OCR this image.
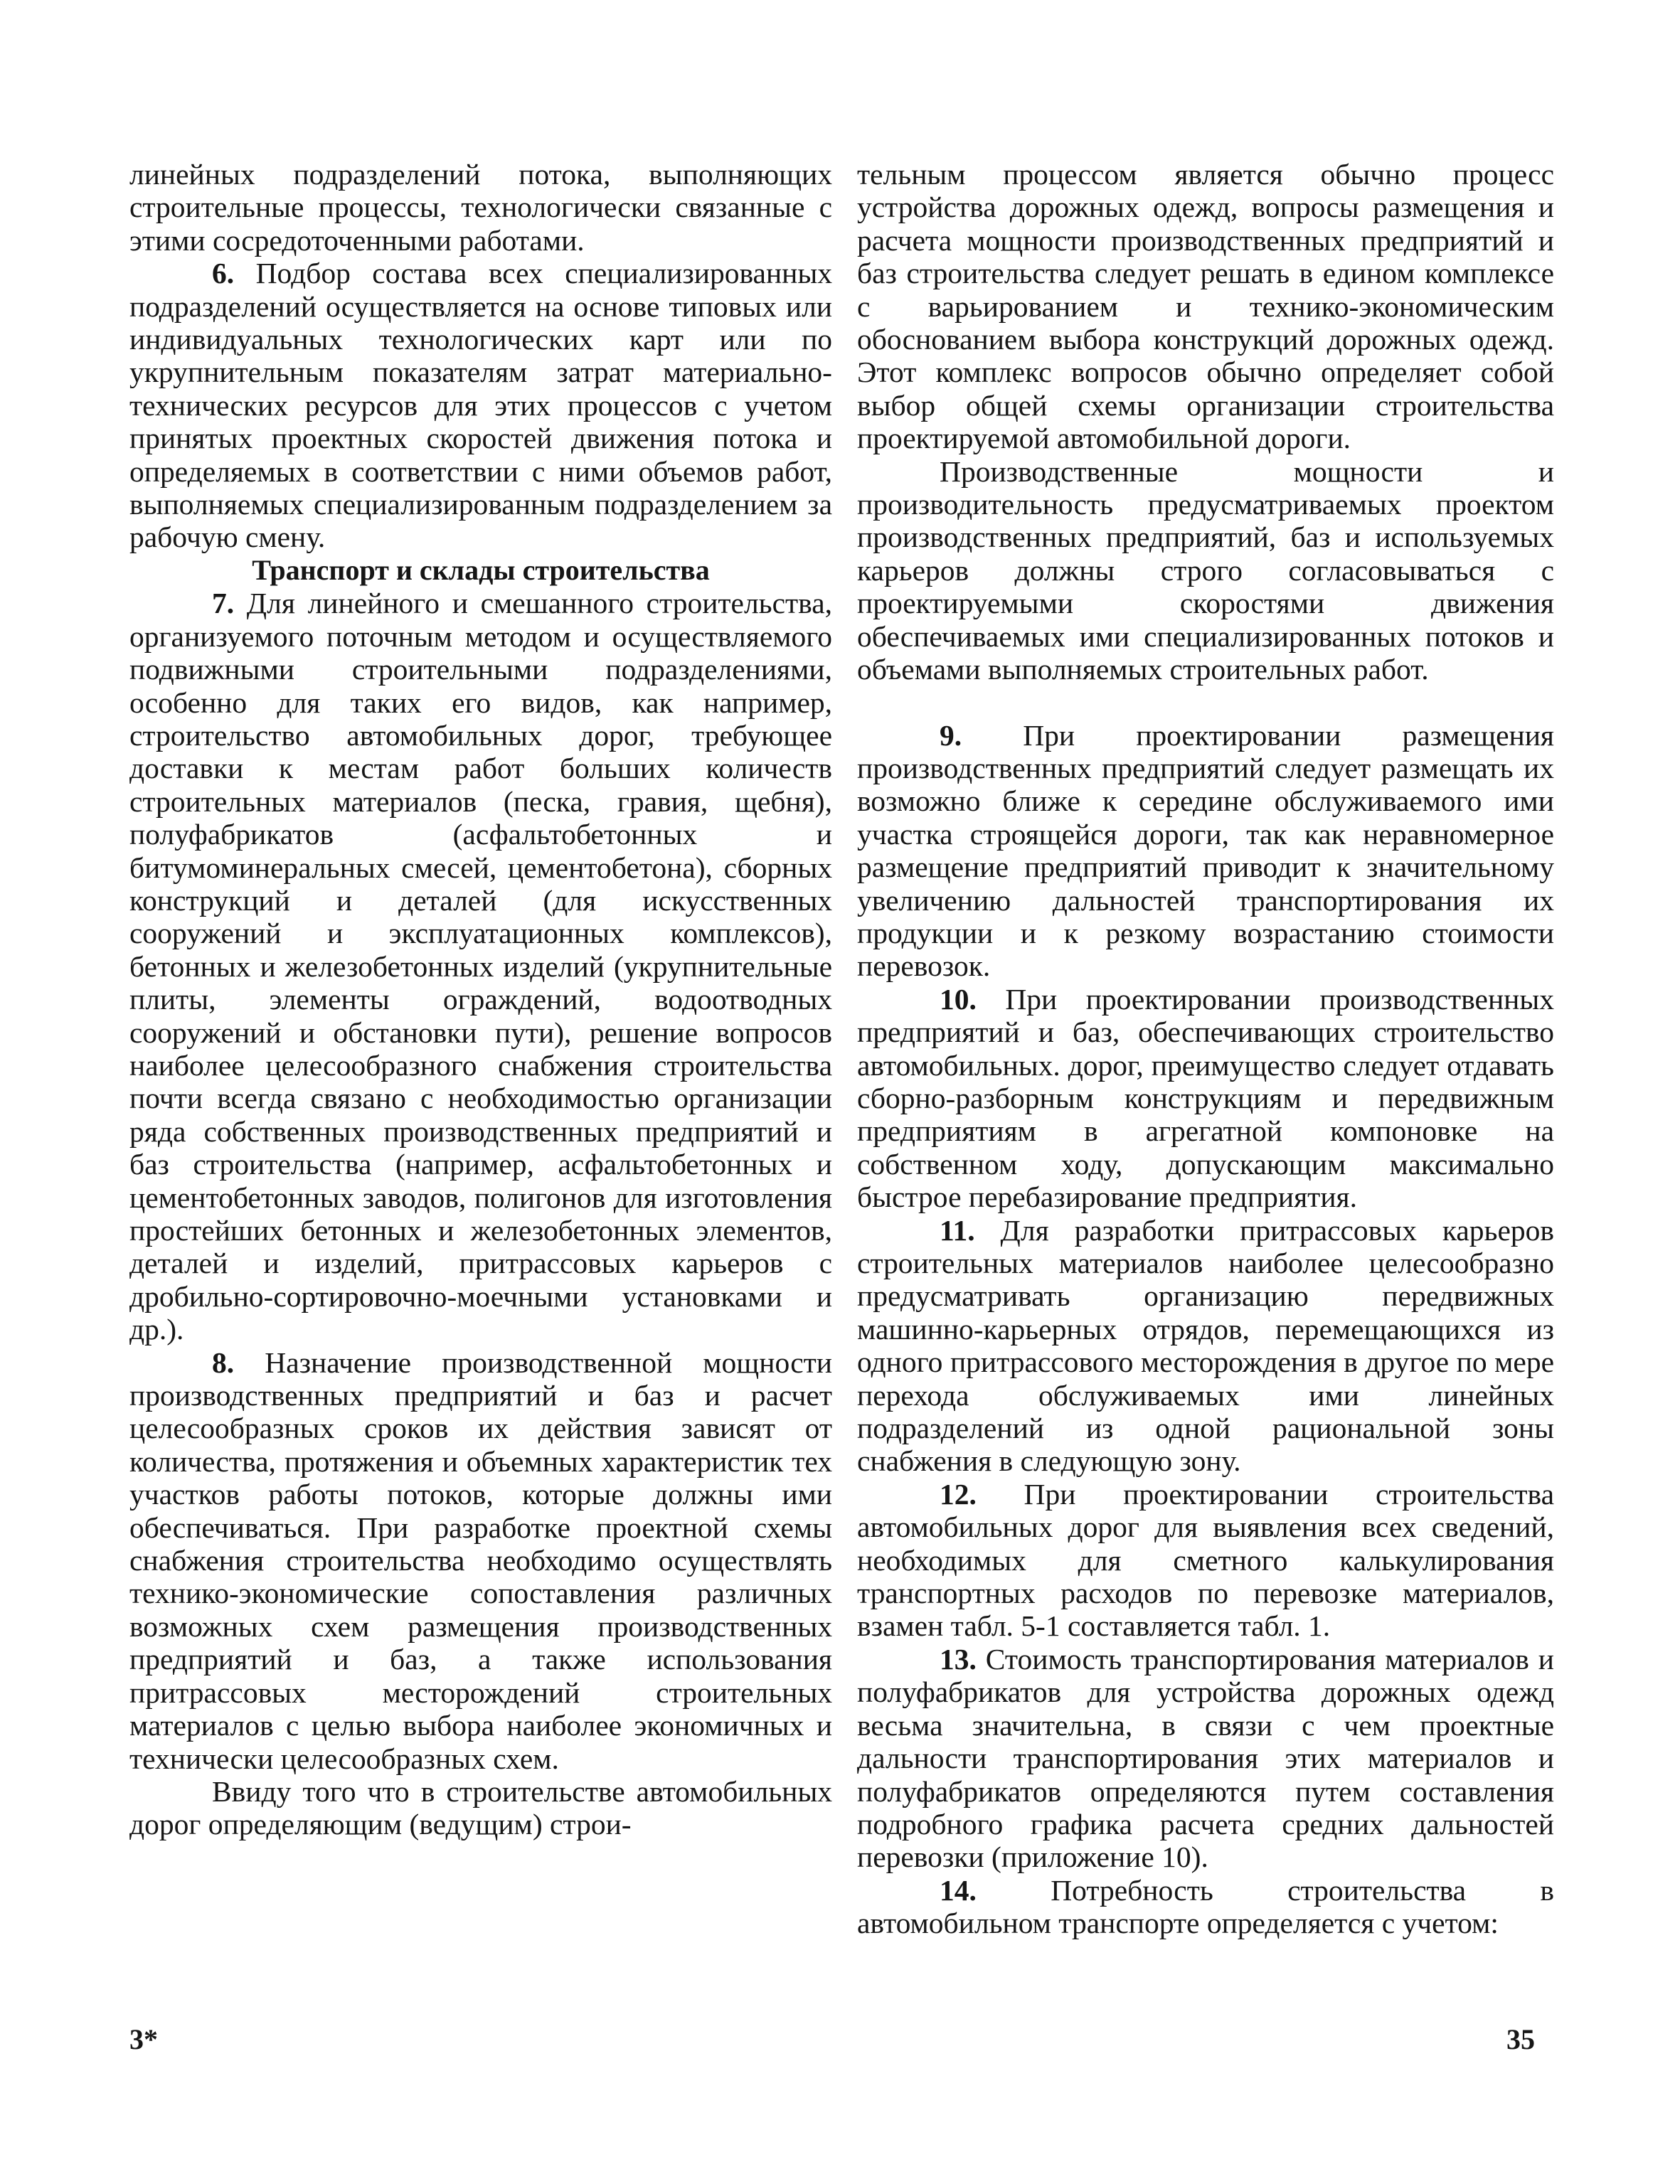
линейных подразделений потока, выполняющих строительные процессы, технологически связанные с этими сосредоточенными работами.

6. Подбор состава всех специализированных подразделений осуществляется на основе типовых или индивидуальных технологических карт или по укрупнительным показателям затрат материально-технических ресурсов для этих процессов с учетом принятых проектных скоростей движения потока и определяемых в соответствии с ними объемов работ, выполняемых специализированным подразделением за рабочую смену.

Транспорт и склады строительства

7. Для линейного и смешанного строительства, организуемого поточным методом и осуществляемого подвижными строительными подразделениями, особенно для таких его видов, как например, строительство автомобильных дорог, требующее доставки к местам работ больших количеств строительных материалов (песка, гравия, щебня), полуфабрикатов (асфальтобетонных и битумоминеральных смесей, цементобетона), сборных конструкций и деталей (для искусственных сооружений и эксплуатационных комплексов), бетонных и железобетонных изделий (укрупнительные плиты, элементы ограждений, водоотводных сооружений и обстановки пути), решение вопросов наиболее целесообразного снабжения строительства почти всегда связано с необходимостью организации ряда собственных производственных предприятий и баз строительства (например, асфальтобетонных и цементобетонных заводов, полигонов для изготовления простейших бетонных и железобетонных элементов, деталей и изделий, притрассовых карьеров с дробильно-сортировочно-моечными установками и др.).

8. Назначение производственной мощности производственных предприятий и баз и расчет целесообразных сроков их действия зависят от количества, протяжения и объемных характеристик тех участков работы потоков, которые должны ими обеспечиваться. При разработке проектной схемы снабжения строительства необходимо осуществлять технико-экономические сопоставления различных возможных схем размещения производственных предприятий и баз, а также использования притрассовых месторождений строительных материалов с целью выбора наиболее экономичных и технически целесообразных схем.

Ввиду того что в строительстве автомобильных дорог определяющим (ведущим) строи-

тельным процессом является обычно процесс устройства дорожных одежд, вопросы размещения и расчета мощности производственных предприятий и баз строительства следует решать в едином комплексе с варьированием и технико-экономическим обоснованием выбора конструкций дорожных одежд. Этот комплекс вопросов обычно определяет собой выбор общей схемы организации строительства проектируемой автомобильной дороги.

Производственные мощности и производительность предусматриваемых проектом производственных предприятий, баз и используемых карьеров должны строго согласовываться с проектируемыми скоростями движения обеспечиваемых ими специализированных потоков и объемами выполняемых строительных работ.

9. При проектировании размещения производственных предприятий следует размещать их возможно ближе к середине обслуживаемого ими участка строящейся дороги, так как неравномерное размещение предприятий приводит к значительному увеличению дальностей транспортирования их продукции и к резкому возрастанию стоимости перевозок.

10. При проектировании производственных предприятий и баз, обеспечивающих строительство автомобильных. дорог, преимущество следует отдавать сборно-разборным конструкциям и передвижным предприятиям в агрегатной компоновке на собственном ходу, допускающим максимально быстрое перебазирование предприятия.

11. Для разработки притрассовых карьеров строительных материалов наиболее целесообразно предусматривать организацию передвижных машинно-карьерных отрядов, перемещающихся из одного притрассового месторождения в другое по мере перехода обслуживаемых ими линейных подразделений из одной рациональной зоны снабжения в следующую зону.

12. При проектировании строительства автомобильных дорог для выявления всех сведений, необходимых для сметного калькулирования транспортных расходов по перевозке материалов, взамен табл. 5-1 составляется табл. 1.

13. Стоимость транспортирования материалов и полуфабрикатов для устройства дорожных одежд весьма значительна, в связи с чем проектные дальности транспортирования этих материалов и полуфабрикатов определяются путем составления подробного графика расчета средних дальностей перевозки (приложение 10).

14.	Потребность строительства в автомобильном транспорте определяется с учетом:

3*	35
